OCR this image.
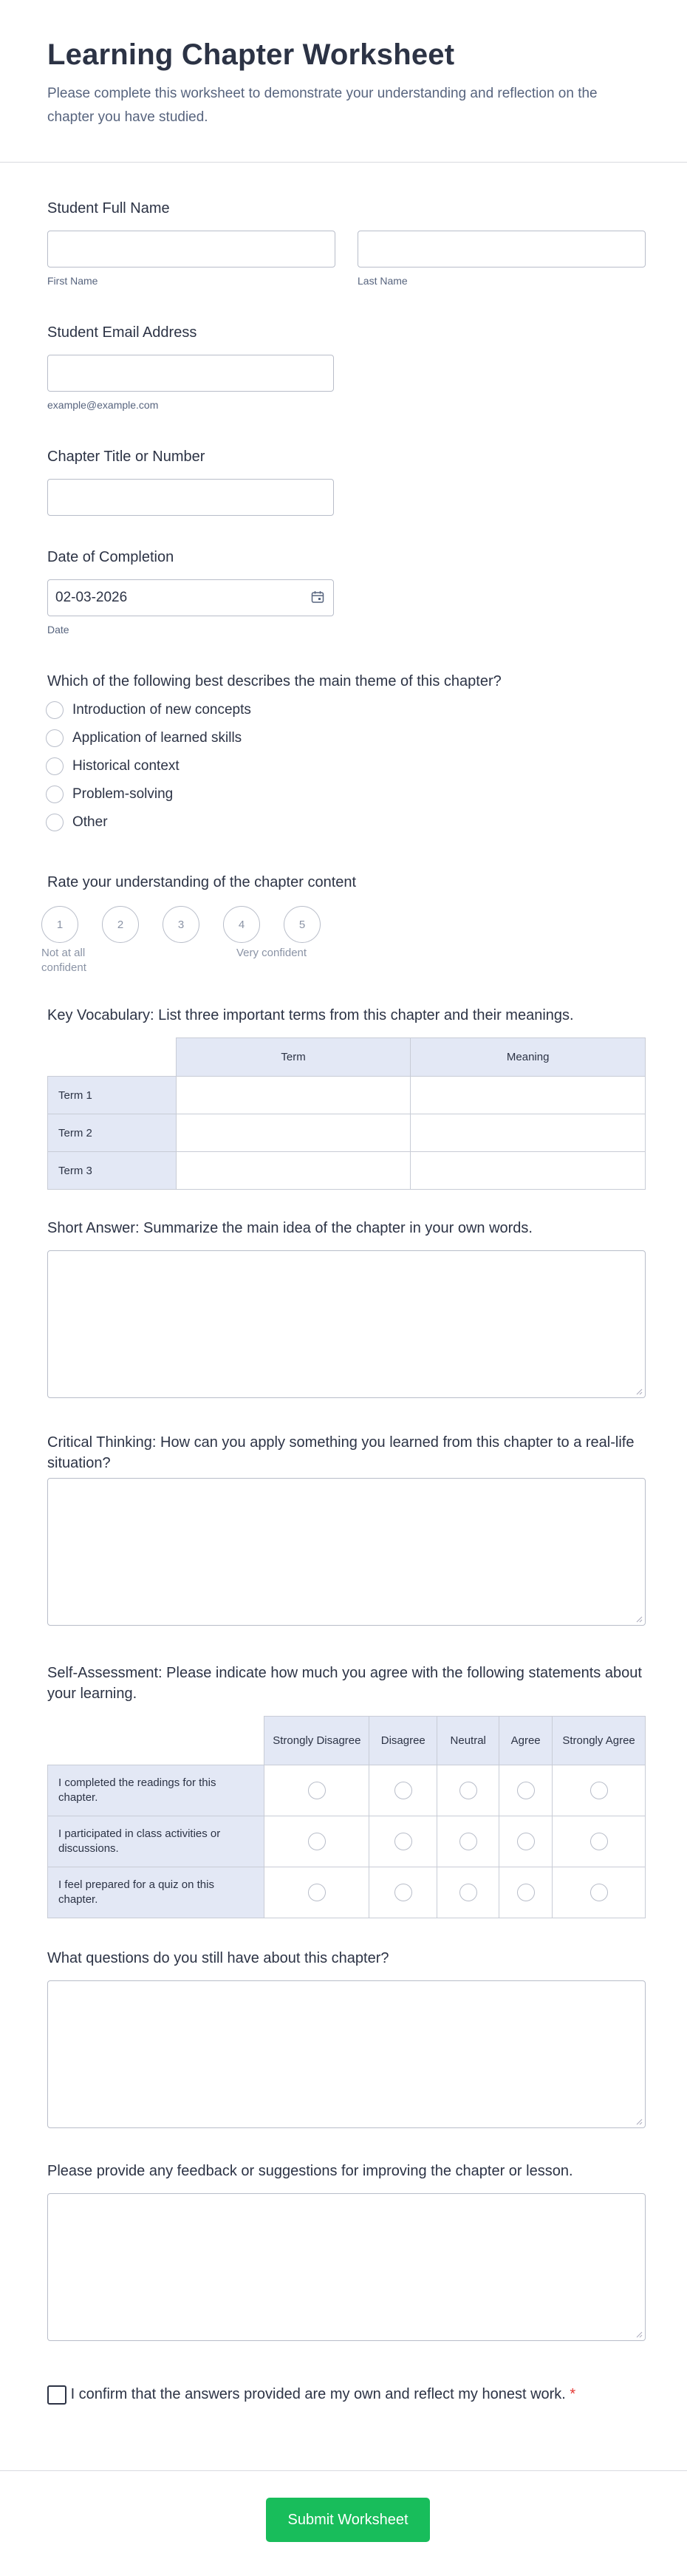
Learning Chapter Worksheet

Please complete this worksheet to demonstrate your understanding and reflection on the chapter you have studied.

Student Full Name
First Name	Last Name
Student Email Address
example@example.com
Chapter Title or Number
Date of Completion
02-03-2026
Date
Which of the following best describes the main theme of this chapter?
Introduction of new concepts
Application of learned skills
Historical context
Problem-solving
Other
Rate your understanding of the chapter content
1	2	3	4	5
Not at all confident
Very confident
Key Vocabulary: List three important terms from this chapter and their meanings.
	Term	Meaning
Term 1		
Term 2		
Term 3		
Short Answer: Summarize the main idea of the chapter in your own words.
Critical Thinking: How can you apply something you learned from this chapter to a real-life situation?
Self-Assessment: Please indicate how much you agree with the following statements about your learning.
	Strongly Disagree	Disagree	Neutral	Agree	Strongly Agree
I completed the readings for this chapter.					
I participated in class activities or discussions.					
I feel prepared for a quiz on this chapter.					
What questions do you still have about this chapter?
Please provide any feedback or suggestions for improving the chapter or lesson.
I confirm that the answers provided are my own and reflect my honest work. *
Submit Worksheet
